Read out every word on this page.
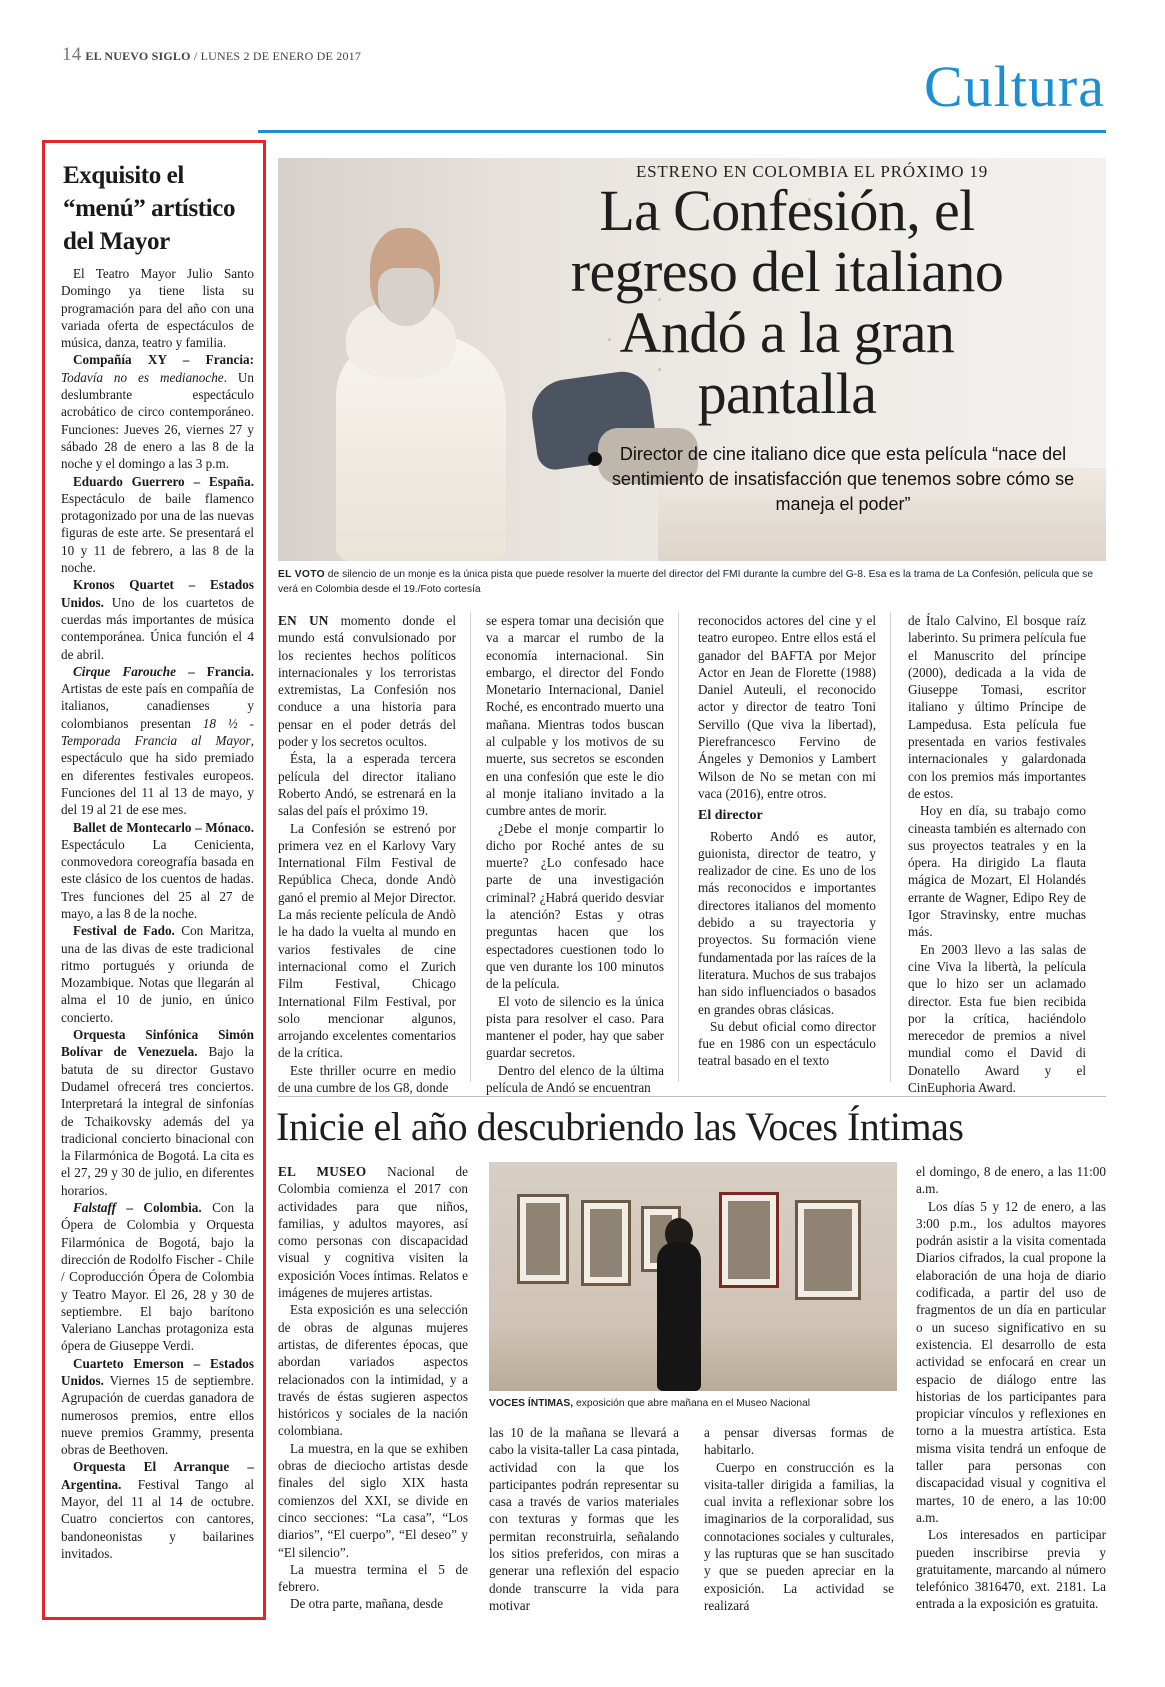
14 EL NUEVO SIGLO / LUNES 2 DE ENERO DE 2017	Cultura
Exquisito el “menú” artístico del Mayor

El Teatro Mayor Julio Santo Domingo ya tiene lista su programación para del año con una variada oferta de espectáculos de música, danza, teatro y familia.

Compañía XY – Francia: Todavía no es medianoche. Un deslumbrante espectáculo acrobático de circo contemporáneo. Funciones: Jueves 26, viernes 27 y sábado 28 de enero a las 8 de la noche y el domingo a las 3 p.m.

Eduardo Guerrero – España. Espectáculo de baile flamenco protagonizado por una de las nuevas figuras de este arte. Se presentará el 10 y 11 de febrero, a las 8 de la noche.

Kronos Quartet – Estados Unidos. Uno de los cuartetos de cuerdas más importantes de música contemporánea. Única función el 4 de abril.

Cirque Farouche – Francia. Artistas de este país en compañía de italianos, canadienses y colombianos presentan 18 ½ - Temporada Francia al Mayor, espectáculo que ha sido premiado en diferentes festivales europeos. Funciones del 11 al 13 de mayo, y del 19 al 21 de ese mes.

Ballet de Montecarlo – Mónaco. Espectáculo La Cenicienta, conmovedora coreografía basada en este clásico de los cuentos de hadas. Tres funciones del 25 al 27 de mayo, a las 8 de la noche.

Festival de Fado. Con Maritza, una de las divas de este tradicional ritmo portugués y oriunda de Mozambique. Notas que llegarán al alma el 10 de junio, en único concierto.

Orquesta Sinfónica Simón Bolívar de Venezuela. Bajo la batuta de su director Gustavo Dudamel ofrecerá tres conciertos. Interpretará la integral de sinfonías de Tchaikovsky además del ya tradicional concierto binacional con la Filarmónica de Bogotá. La cita es el 27, 29 y 30 de julio, en diferentes horarios.

Falstaff – Colombia. Con la Ópera de Colombia y Orquesta Filarmónica de Bogotá, bajo la dirección de Rodolfo Fischer - Chile / Coproducción Ópera de Colombia y Teatro Mayor. El 26, 28 y 30 de septiembre. El bajo barítono Valeriano Lanchas protagoniza esta ópera de Giuseppe Verdi.

Cuarteto Emerson – Estados Unidos. Viernes 15 de septiembre. Agrupación de cuerdas ganadora de numerosos premios, entre ellos nueve premios Grammy, presenta obras de Beethoven.

Orquesta El Arranque – Argentina. Festival Tango al Mayor, del 11 al 14 de octubre. Cuatro conciertos con cantores, bandoneonistas y bailarines invitados.

ESTRENO EN COLOMBIA EL PRÓXIMO 19
La Confesión, el regreso del italiano Andó a la gran pantalla
Director de cine italiano dice que esta película “nace del sentimiento de insatisfacción que tenemos sobre cómo se maneja el poder”
EL VOTO de silencio de un monje es la única pista que puede resolver la muerte del director del FMI durante la cumbre del G-8. Esa es la trama de La Confesión, película que se verá en Colombia desde el 19./Foto cortesía

EN UN momento donde el mundo está convulsionado por los recientes hechos políticos internacionales y los terroristas extremistas, La Confesión nos conduce a una historia para pensar en el poder detrás del poder y los secretos ocultos.

Ésta, la a esperada tercera película del director italiano Roberto Andó, se estrenará en la salas del país el próximo 19.

La Confesión se estrenó por primera vez en el Karlovy Vary International Film Festival de República Checa, donde Andò ganó el premio al Mejor Director. La más reciente película de Andò le ha dado la vuelta al mundo en varios festivales de cine internacional como el Zurich Film Festival, Chicago International Film Festival, por solo mencionar algunos, arrojando excelentes comentarios de la crítica.

Este thriller ocurre en medio de una cumbre de los G8, donde

se espera tomar una decisión que va a marcar el rumbo de la economía internacional. Sin embargo, el director del Fondo Monetario Internacional, Daniel Roché, es encontrado muerto una mañana. Mientras todos buscan al culpable y los motivos de su muerte, sus secretos se esconden en una confesión que este le dio al monje italiano invitado a la cumbre antes de morir.

¿Debe el monje compartir lo dicho por Roché antes de su muerte? ¿Lo confesado hace parte de una investigación criminal? ¿Habrá querido desviar la atención? Estas y otras preguntas hacen que los espectadores cuestionen todo lo que ven durante los 100 minutos de la película.

El voto de silencio es la única pista para resolver el caso. Para mantener el poder, hay que saber guardar secretos.

Dentro del elenco de la última película de Andó se encuentran

reconocidos actores del cine y el teatro europeo. Entre ellos está el ganador del BAFTA por Mejor Actor en Jean de Florette (1988) Daniel Auteuli, el reconocido actor y director de teatro Toni Servillo (Que viva la libertad), Pierefrancesco Fervino de Ángeles y Demonios y Lambert Wilson de No se metan con mi vaca (2016), entre otros.

El director

Roberto Andó es autor, guionista, director de teatro, y realizador de cine. Es uno de los más reconocidos e importantes directores italianos del momento debido a su trayectoria y proyectos. Su formación viene fundamentada por las raíces de la literatura. Muchos de sus trabajos han sido influenciados o basados en grandes obras clásicas.

Su debut oficial como director fue en 1986 con un espectáculo teatral basado en el texto

de Ítalo Calvino, El bosque raíz laberinto. Su primera película fue el Manuscrito del príncipe (2000), dedicada a la vida de Giuseppe Tomasi, escritor italiano y último Príncipe de Lampedusa. Esta película fue presentada en varios festivales internacionales y galardonada con los premios más importantes de estos.

Hoy en día, su trabajo como cineasta también es alternado con sus proyectos teatrales y en la ópera. Ha dirigido La flauta mágica de Mozart, El Holandés errante de Wagner, Edipo Rey de Igor Stravinsky, entre muchas más.

En 2003 llevo a las salas de cine Viva la libertà, la película que lo hizo ser un aclamado director. Esta fue bien recibida por la crítica, haciéndolo merecedor de premios a nivel mundial como el David di Donatello Award y el CinEuphoria Award.

Inicie el año descubriendo las Voces Íntimas

EL MUSEO Nacional de Colombia comienza el 2017 con actividades para que niños, familias, y adultos mayores, así como personas con discapacidad visual y cognitiva visiten la exposición Voces íntimas. Relatos e imágenes de mujeres artistas.

Esta exposición es una selección de obras de algunas mujeres artistas, de diferentes épocas, que abordan variados aspectos relacionados con la intimidad, y a través de éstas sugieren aspectos históricos y sociales de la nación colombiana.

La muestra, en la que se exhiben obras de dieciocho artistas desde finales del siglo XIX hasta comienzos del XXI, se divide en cinco secciones: “La casa”, “Los diarios”, “El cuerpo”, “El deseo” y “El silencio”.

La muestra termina el 5 de febrero.

De otra parte, mañana, desde

VOCES ÍNTIMAS, exposición que abre mañana en el Museo Nacional

las 10 de la mañana se llevará a cabo la visita-taller La casa pintada, actividad con la que los participantes podrán representar su casa a través de varios materiales con texturas y formas que les permitan reconstruirla, señalando los sitios preferidos, con miras a generar una reflexión del espacio donde transcurre la vida para motivar

a pensar diversas formas de habitarlo.

Cuerpo en construcción es la visita-taller dirigida a familias, la cual invita a reflexionar sobre los imaginarios de la corporalidad, sus connotaciones sociales y culturales, y las rupturas que se han suscitado y que se pueden apreciar en la exposición. La actividad se realizará

el domingo, 8 de enero, a las 11:00 a.m.

Los días 5 y 12 de enero, a las 3:00 p.m., los adultos mayores podrán asistir a la visita comentada Diarios cifrados, la cual propone la elaboración de una hoja de diario codificada, a partir del uso de fragmentos de un día en particular o un suceso significativo en su existencia. El desarrollo de esta actividad se enfocará en crear un espacio de diálogo entre las historias de los participantes para propiciar vínculos y reflexiones en torno a la muestra artística. Esta misma visita tendrá un enfoque de taller para personas con discapacidad visual y cognitiva el martes, 10 de enero, a las 10:00 a.m.

Los interesados en participar pueden inscribirse previa y gratuitamente, marcando al número telefónico 3816470, ext. 2181. La entrada a la exposición es gratuita.
